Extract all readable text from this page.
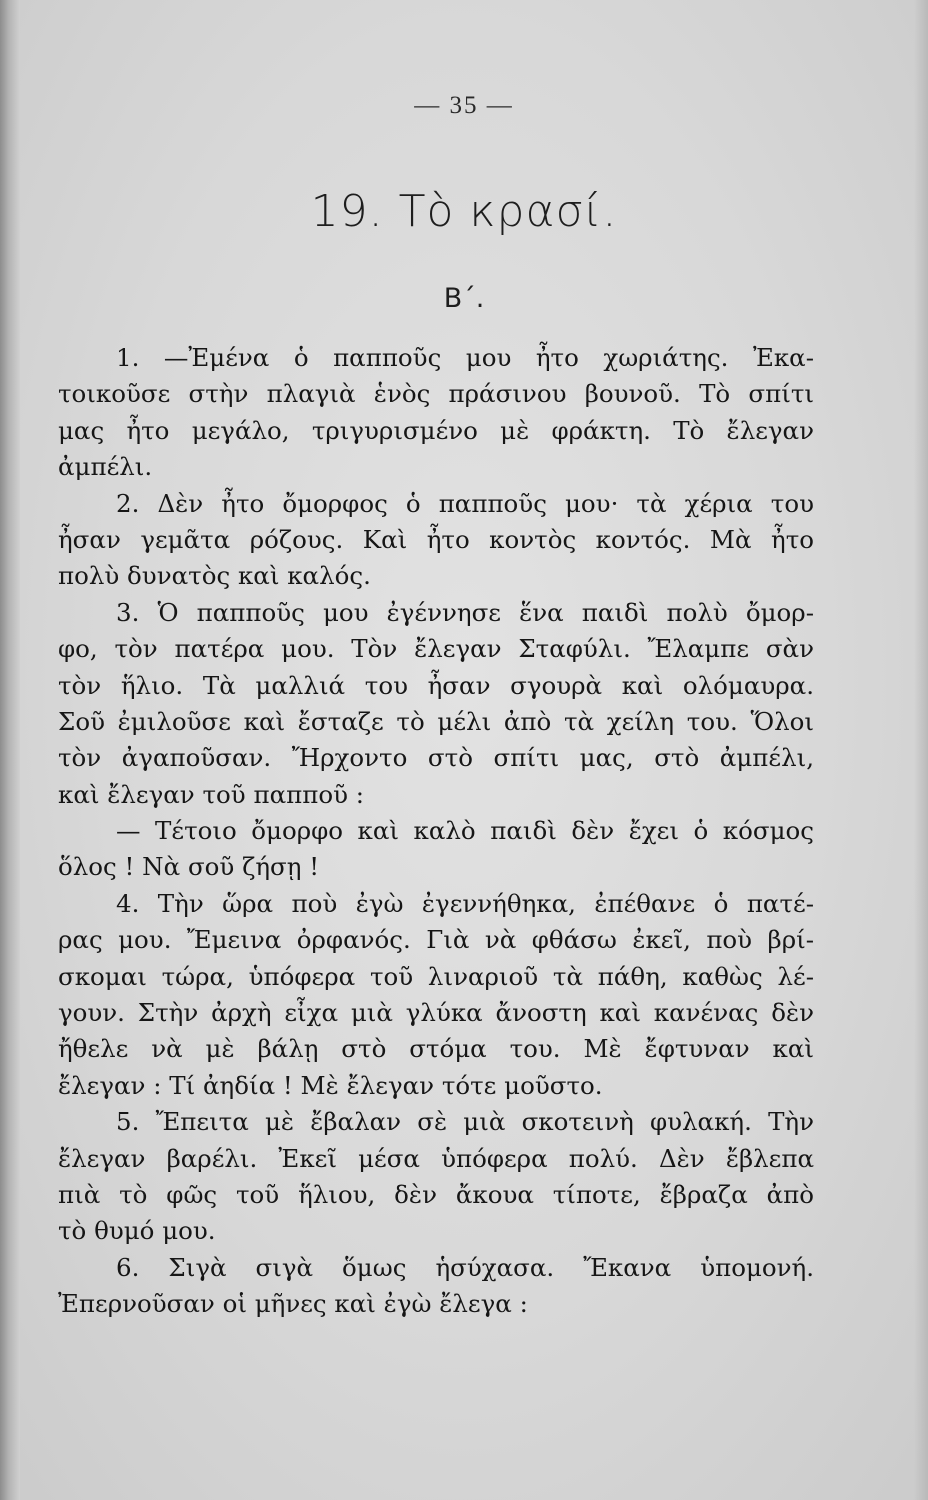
— 35 —
19. Τὸ κρασί.
Β΄.
1. —Ἐμένα ὁ παπποῦς μου ἦτο χωριάτης. Ἐκα-
τοικοῦσε στὴν πλαγιὰ ἑνὸς πράσινου βουνοῦ. Τὸ σπίτι
μας ἦτο μεγάλο, τριγυρισμένο μὲ φράκτη. Τὸ ἔλεγαν
ἀμπέλι.
2. Δὲν ἦτο ὄμορφος ὁ παπποῦς μου· τὰ χέρια του
ἦσαν γεμᾶτα ρόζους. Καὶ ἦτο κοντὸς κοντός. Μὰ ἦτο
πολὺ δυνατὸς καὶ καλός.
3. Ὁ παπποῦς μου ἐγέννησε ἕνα παιδὶ πολὺ ὄμορ-
φο, τὸν πατέρα μου. Τὸν ἔλεγαν Σταφύλι. Ἔλαμπε σὰν
τὸν ἥλιο. Τὰ μαλλιά του ἦσαν σγουρὰ καὶ ολόμαυρα.
Σοῦ ἐμιλοῦσε καὶ ἔσταζε τὸ μέλι ἀπὸ τὰ χείλη του. Ὅλοι
τὸν ἀγαποῦσαν. Ἤρχοντο στὸ σπίτι μας, στὸ ἀμπέλι,
καὶ ἔλεγαν τοῦ παπποῦ :
— Τέτοιο ὄμορφο καὶ καλὸ παιδὶ δὲν ἔχει ὁ κόσμος
ὅλος ! Νὰ σοῦ ζήσῃ !
4. Τὴν ὥρα ποὺ ἐγὼ ἐγεννήθηκα, ἐπέθανε ὁ πατέ-
ρας μου. Ἔμεινα ὀρφανός. Γιὰ νὰ φθάσω ἐκεῖ, ποὺ βρί-
σκομαι τώρα, ὑπόφερα τοῦ λιναριοῦ τὰ πάθη, καθὼς λέ-
γουν. Στὴν ἀρχὴ εἶχα μιὰ γλύκα ἄνοστη καὶ κανένας δὲν
ἤθελε νὰ μὲ βάλῃ στὸ στόμα του. Μὲ ἔφτυναν καὶ
ἔλεγαν : Τί ἀηδία ! Μὲ ἔλεγαν τότε μοῦστο.
5. Ἔπειτα μὲ ἔβαλαν σὲ μιὰ σκοτεινὴ φυλακή. Τὴν
ἔλεγαν βαρέλι. Ἐκεῖ μέσα ὑπόφερα πολύ. Δὲν ἔβλεπα
πιὰ τὸ φῶς τοῦ ἥλιου, δὲν ἄκουα τίποτε, ἔβραζα ἀπὸ
τὸ θυμό μου.
6. Σιγὰ σιγὰ ὅμως ἡσύχασα. Ἔκανα ὑπομονή.
Ἐπερνοῦσαν οἱ μῆνες καὶ ἐγὼ ἔλεγα :
